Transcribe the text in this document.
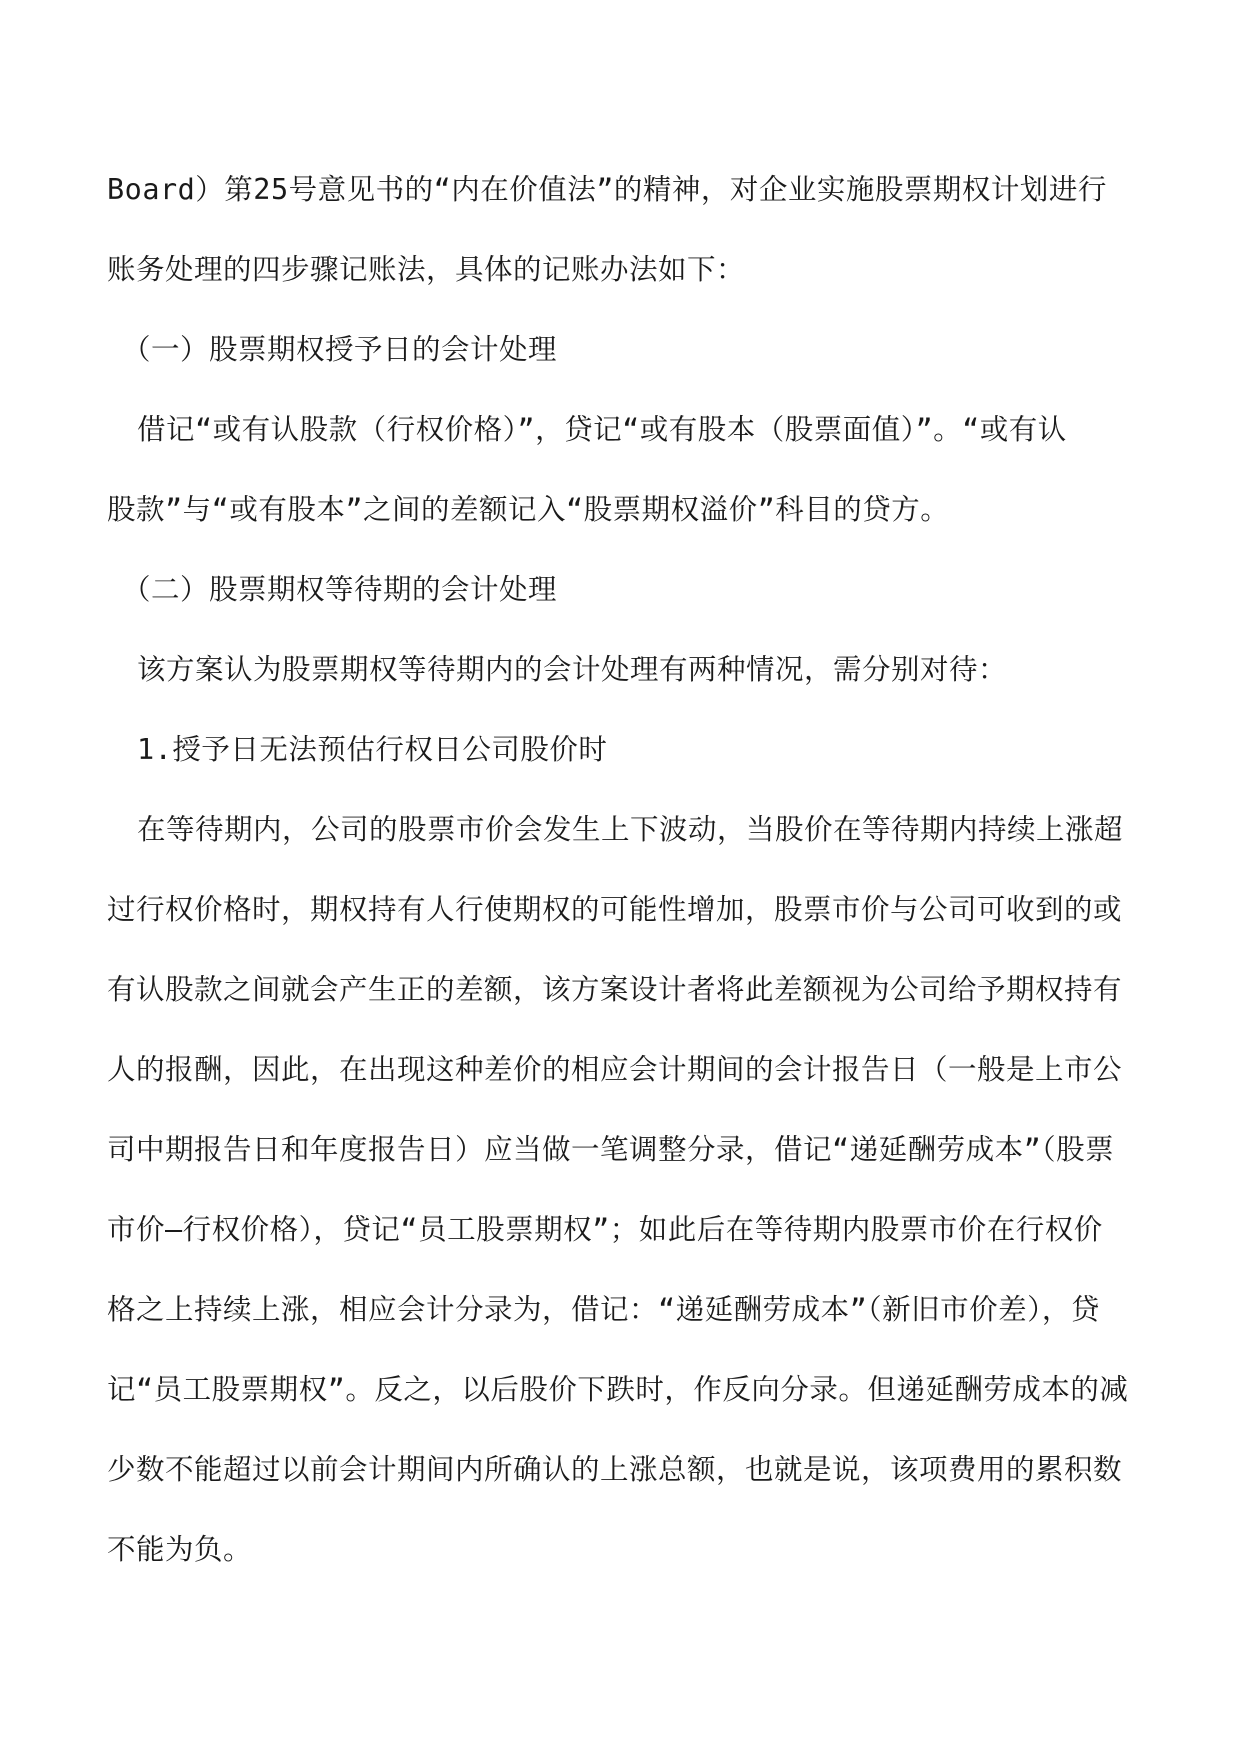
Board）第25号意见书的“内在价值法”的精神，对企业实施股票期权计划进行
账务处理的四步骤记账法，具体的记账办法如下：
（一）股票期权授予日的会计处理
借记“或有认股款（行权价格）”，贷记“或有股本（股票面值）”。“或有认
股款”与“或有股本”之间的差额记入“股票期权溢价”科目的贷方。
（二）股票期权等待期的会计处理
该方案认为股票期权等待期内的会计处理有两种情况，需分别对待：
1.授予日无法预估行权日公司股价时
在等待期内，公司的股票市价会发生上下波动，当股价在等待期内持续上涨超
过行权价格时，期权持有人行使期权的可能性增加，股票市价与公司可收到的或
有认股款之间就会产生正的差额，该方案设计者将此差额视为公司给予期权持有
人的报酬，因此，在出现这种差价的相应会计期间的会计报告日（一般是上市公
司中期报告日和年度报告日）应当做一笔调整分录，借记“递延酬劳成本”（股票
市价—行权价格），贷记“员工股票期权”；如此后在等待期内股票市价在行权价
格之上持续上涨，相应会计分录为，借记：“递延酬劳成本”（新旧市价差），贷
记“员工股票期权”。反之，以后股价下跌时，作反向分录。但递延酬劳成本的减
少数不能超过以前会计期间内所确认的上涨总额，也就是说，该项费用的累积数
不能为负。
